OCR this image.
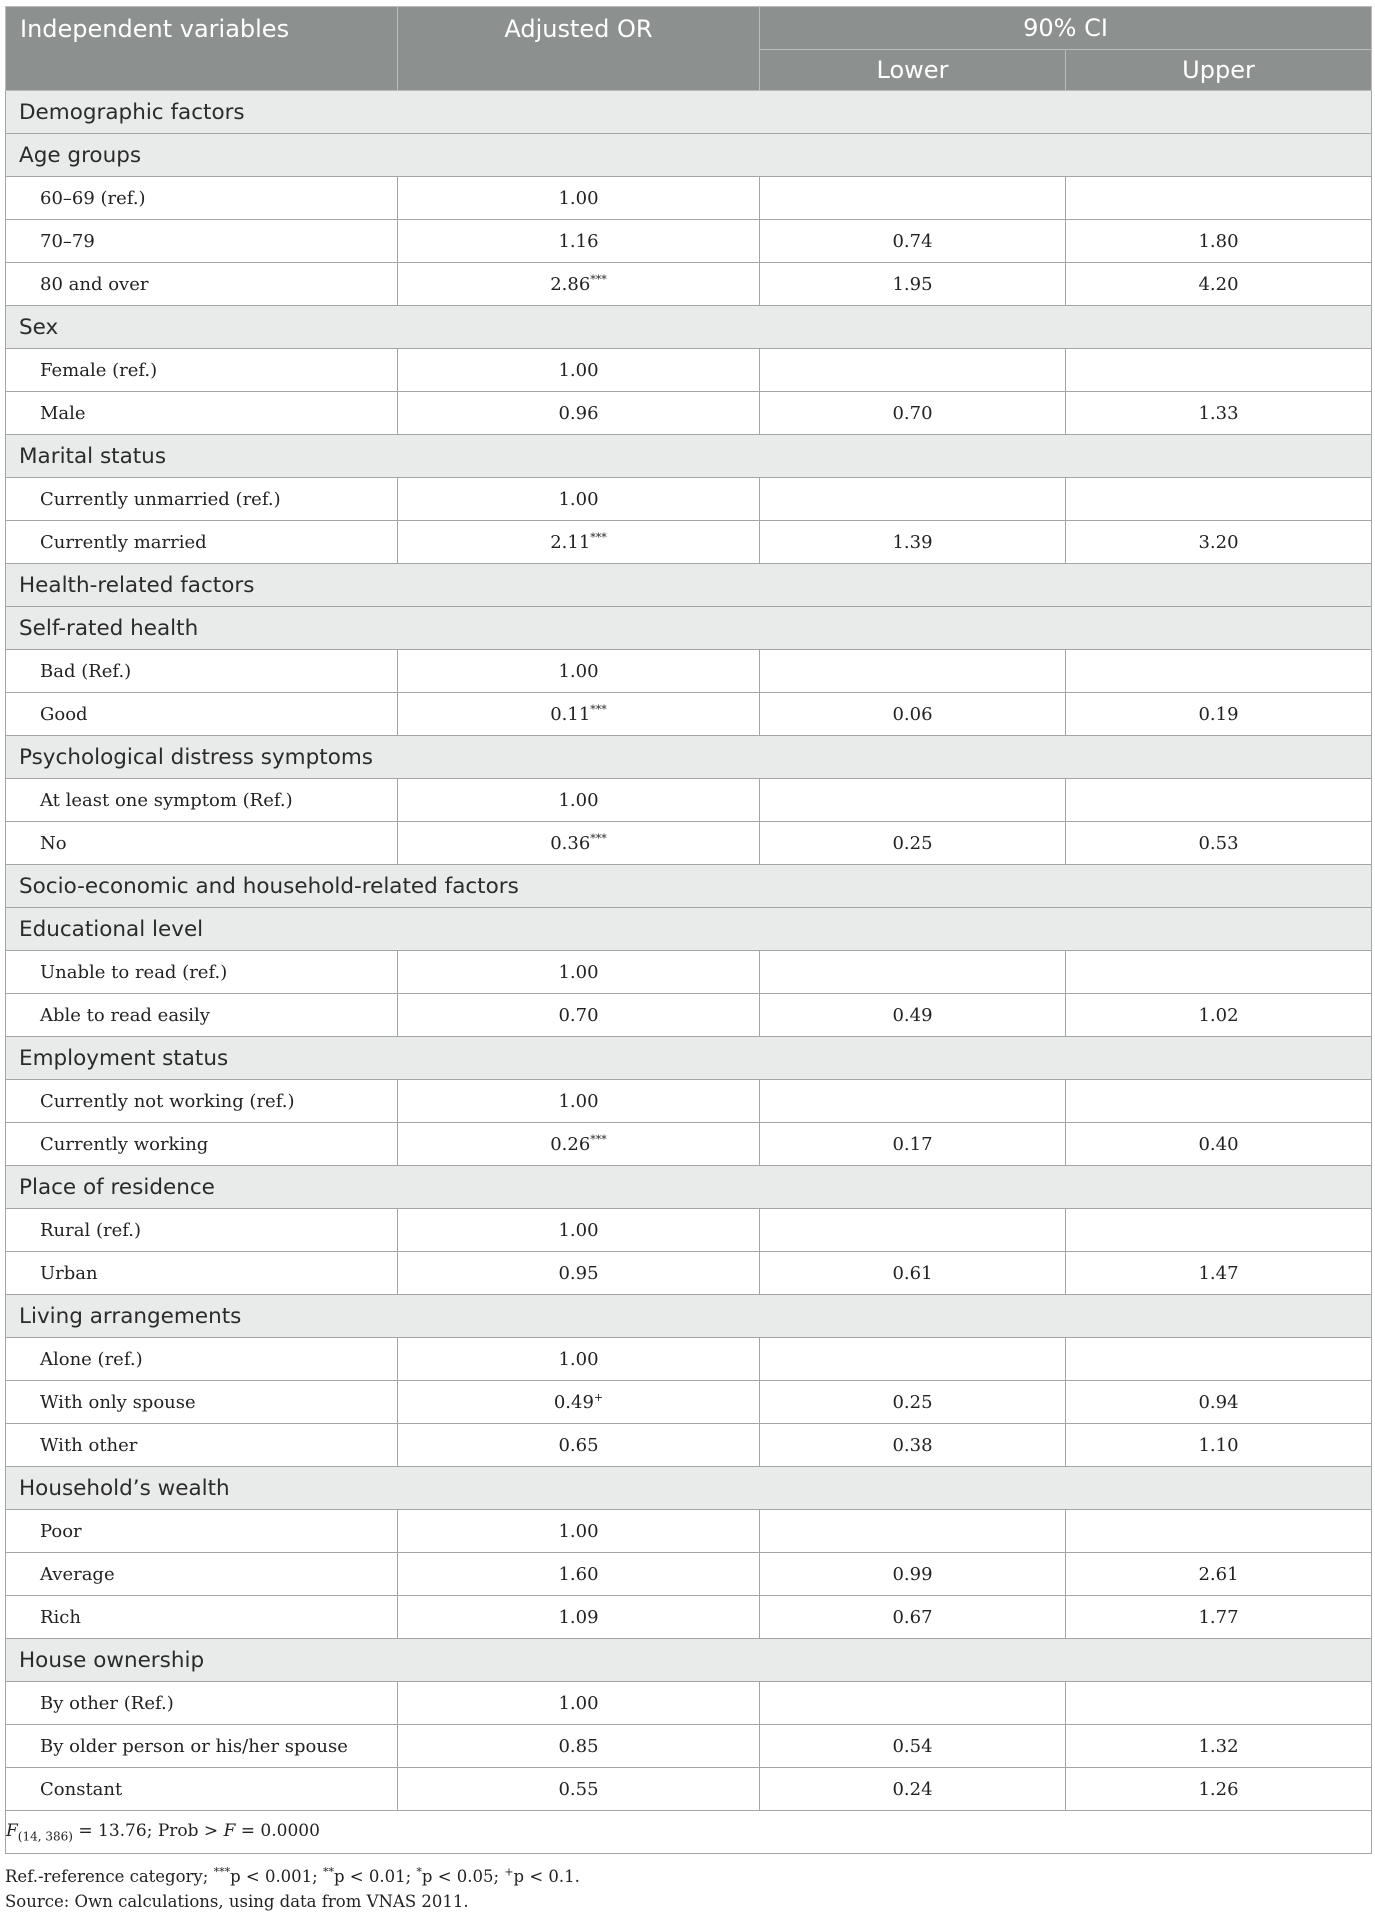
Independent variables	Adjusted OR	90% CI	
		Lower	Upper
Demographic factors			
Age groups			
60–69 (ref.)	1.00		
70–79	1.16	0.74	1.80
80 and over	2.86***	1.95	4.20
Sex			
Female (ref.)	1.00		
Male	0.96	0.70	1.33
Marital status			
Currently unmarried (ref.)	1.00		
Currently married	2.11***	1.39	3.20
Health-related factors			
Self-rated health			
Bad (Ref.)	1.00		
Good	0.11***	0.06	0.19
Psychological distress symptoms			
At least one symptom (Ref.)	1.00		
No	0.36***	0.25	0.53
Socio-economic and household-related factors			
Educational level			
Unable to read (ref.)	1.00		
Able to read easily	0.70	0.49	1.02
Employment status			
Currently not working (ref.)	1.00		
Currently working	0.26***	0.17	0.40
Place of residence			
Rural (ref.)	1.00		
Urban	0.95	0.61	1.47
Living arrangements			
Alone (ref.)	1.00		
With only spouse	0.49+	0.25	0.94
With other	0.65	0.38	1.10
Household’s wealth			
Poor	1.00		
Average	1.60	0.99	2.61
Rich	1.09	0.67	1.77
House ownership			
By other (Ref.)	1.00		
By older person or his/her spouse	0.85	0.54	1.32
Constant	0.55	0.24	1.26
$F_{(14, 386)} = 13.76$; Prob > F = 0.0000			
Ref.-reference category; ***p < 0.001; **p < 0.01; *p < 0.05; +p < 0.1.
Source: Own calculations, using data from VNAS 2011.
